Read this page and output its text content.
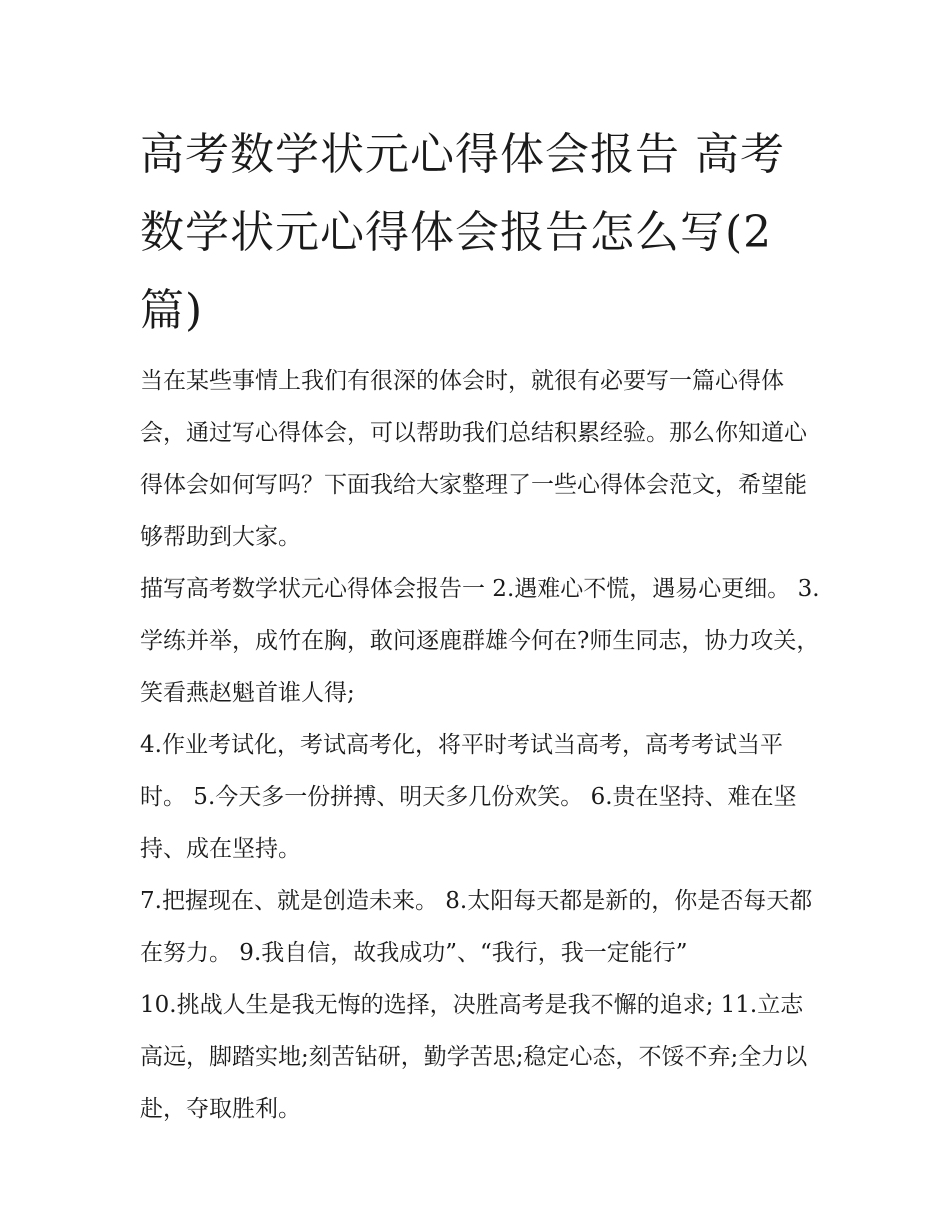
高考数学状元心得体会报告 高考数学状元心得体会报告怎么写(2篇)

当在某些事情上我们有很深的体会时，就很有必要写一篇心得体会，通过写心得体会，可以帮助我们总结积累经验。那么你知道心得体会如何写吗？下面我给大家整理了一些心得体会范文，希望能够帮助到大家。

描写高考数学状元心得体会报告一 2.遇难心不慌，遇易心更细。 3.学练并举，成竹在胸，敢问逐鹿群雄今何在?师生同志，协力攻关，笑看燕赵魁首谁人得;

4.作业考试化，考试高考化，将平时考试当高考，高考考试当平时。 5.今天多一份拼搏、明天多几份欢笑。 6.贵在坚持、难在坚持、成在坚持。

7.把握现在、就是创造未来。 8.太阳每天都是新的，你是否每天都在努力。 9.我自信，故我成功”、“我行，我一定能行”

10.挑战人生是我无悔的选择，决胜高考是我不懈的追求; 11.立志高远，脚踏实地;刻苦钻研，勤学苦思;稳定心态，不馁不弃;全力以赴，夺取胜利。
